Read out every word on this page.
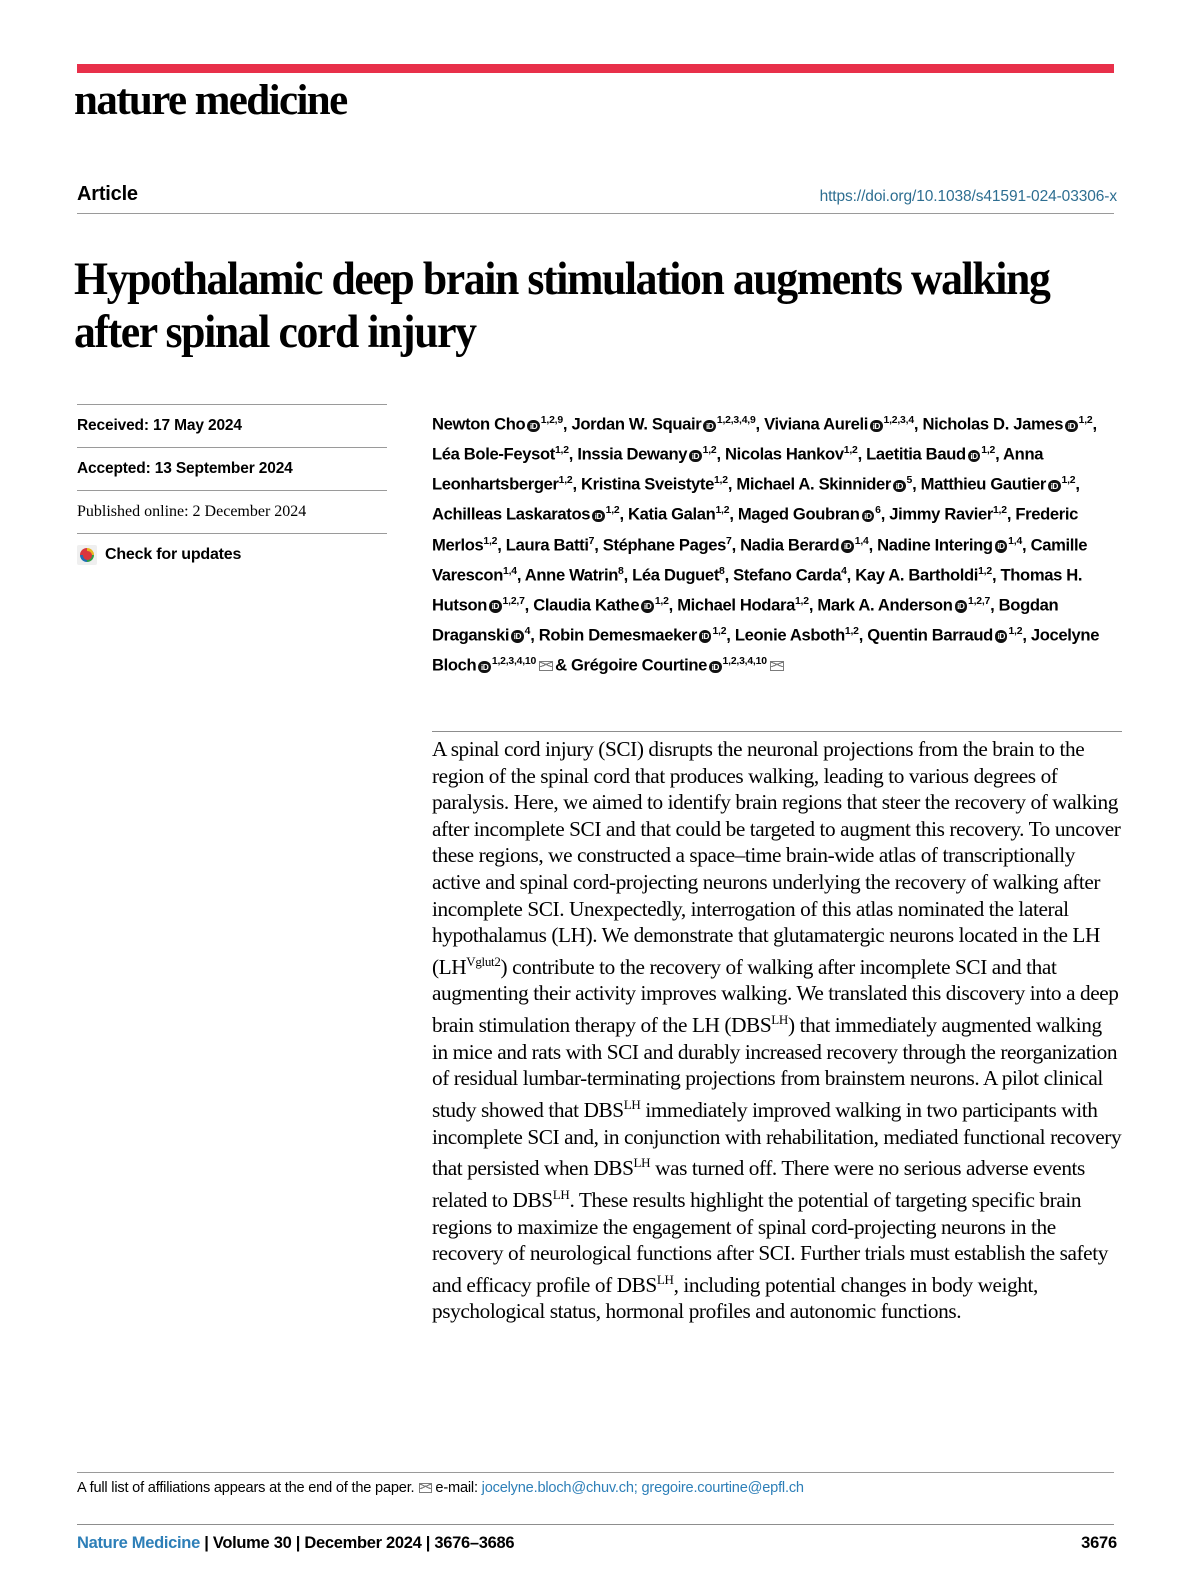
nature medicine
Article	https://doi.org/10.1038/s41591-024-03306-x
Hypothalamic deep brain stimulation augments walking after spinal cord injury
Received: 17 May 2024
Accepted: 13 September 2024
Published online: 2 December 2024
Check for updates
Newton Cho iD $^{1,2,9}$, Jordan W. Squair iD $^{1,2,3,4,9}$, Viviana Aureli iD $^{1,2,3,4}$, Nicholas D. James iD $^{1,2}$, Léa Bole-Feysot$^{1,2}$, Inssia Dewany iD $^{1,2}$, Nicolas Hankov$^{1,2}$, Laetitia Baud iD $^{1,2}$, Anna Leonhartsberger$^{1,2}$, Kristina Sveistyte$^{1,2}$, Michael A. Skinnider iD $^5$, Matthieu Gautier iD $^{1,2}$, Achilleas Laskaratos iD $^{1,2}$, Katia Galan$^{1,2}$, Maged Goubran iD $^6$, Jimmy Ravier$^{1,2}$, Frederic Merlos$^{1,2}$, Laura Batti$^7$, Stéphane Pages$^7$, Nadia Berard iD $^{1,4}$, Nadine Intering iD $^{1,4}$, Camille Varescon$^{1,4}$, Anne Watrin$^8$, Léa Duguet$^8$, Stefano Carda$^4$, Kay A. Bartholdi$^{1,2}$, Thomas H. Hutson iD $^{1,2,7}$, Claudia Kathe iD $^{1,2}$, Michael Hodara$^{1,2}$, Mark A. Anderson iD $^{1,2,7}$, Bogdan Draganski iD $^4$, Robin Demesmaeker iD $^{1,2}$, Leonie Asboth$^{1,2}$, Quentin Barraud iD $^{1,2}$, Jocelyne Bloch iD $^{1,2,3,4,10}$ & Grégoire Courtine iD $^{1,2,3,4,10}$
A spinal cord injury (SCI) disrupts the neuronal projections from the brain to the region of the spinal cord that produces walking, leading to various degrees of paralysis. Here, we aimed to identify brain regions that steer the recovery of walking after incomplete SCI and that could be targeted to augment this recovery. To uncover these regions, we constructed a space–time brain-wide atlas of transcriptionally active and spinal cord-projecting neurons underlying the recovery of walking after incomplete SCI. Unexpectedly, interrogation of this atlas nominated the lateral hypothalamus (LH). We demonstrate that glutamatergic neurons located in the LH $(LH^{Vglut2})$ contribute to the recovery of walking after incomplete SCI and that augmenting their activity improves walking. We translated this discovery into a deep brain stimulation therapy of the LH $(DBS^{LH})$ that immediately augmented walking in mice and rats with SCI and durably increased recovery through the reorganization of residual lumbar-terminating projections from brainstem neurons. A pilot clinical study showed that $DBS^{LH}$ immediately improved walking in two participants with incomplete SCI and, in conjunction with rehabilitation, mediated functional recovery that persisted when $DBS^{LH}$ was turned off. There were no serious adverse events related to $DBS^{LH}$. These results highlight the potential of targeting specific brain regions to maximize the engagement of spinal cord-projecting neurons in the recovery of neurological functions after SCI. Further trials must establish the safety and efficacy profile of $DBS^{LH}$, including potential changes in body weight, psychological status, hormonal profiles and autonomic functions.
A full list of affiliations appears at the end of the paper. e-mail:
jocelyne.bloch@chuv.ch ;
gregoire.courtine@epfl.ch
Nature Medicine | Volume 30 | December 2024 | 3676–3686	3676
